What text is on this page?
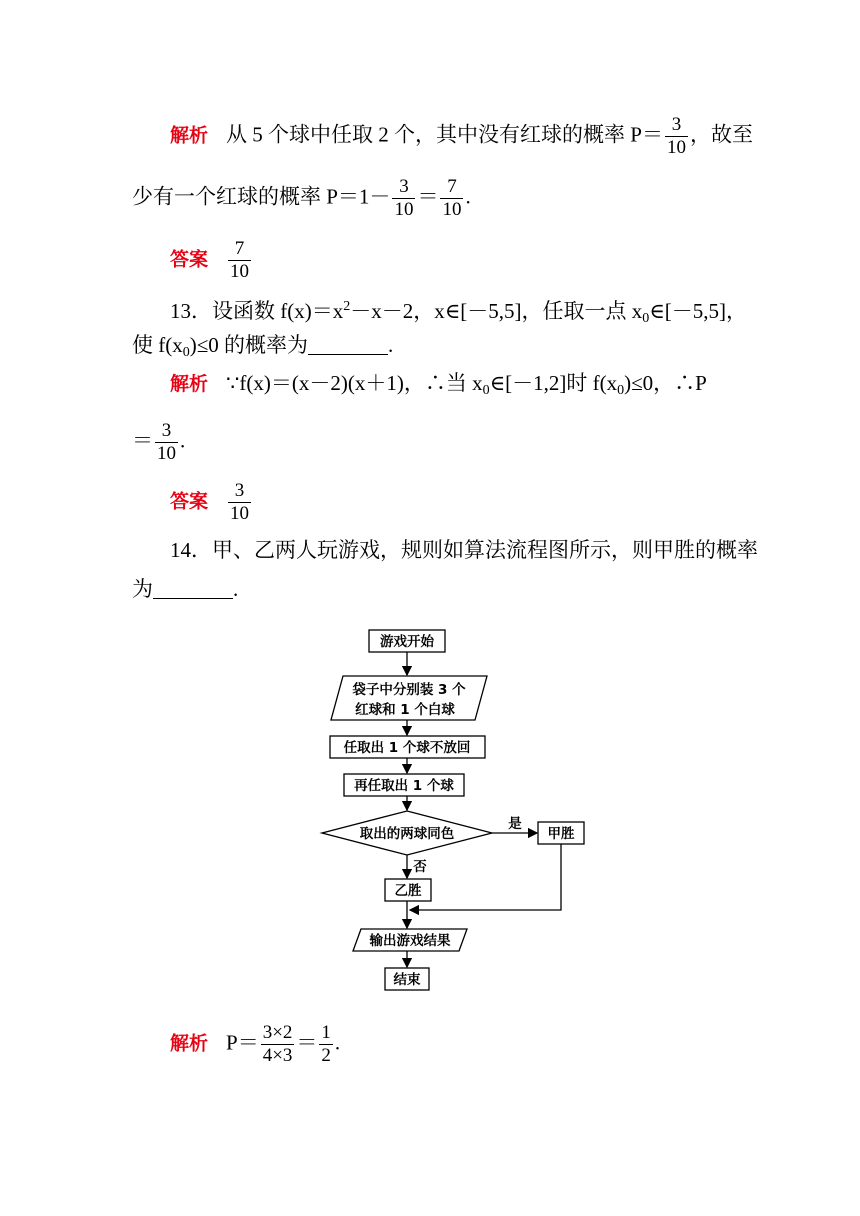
解析 从 5 个球中任取 2 个，其中没有红球的概率 $P= \frac{3}{10}$ ，故至
少有一个红球的概率 $P=1- \frac{3}{10} = \frac{7}{10}$ .
答案 $\frac{7}{10}$
13．设函数 $f(x)=x^2-x-2$，x∈[－5,5]，任取一点 $x_0\in[-5,5]$，
使 $f(x_0)\le 0$ 的概率为	.
解析 ∵f(x)＝(x－2)(x＋1)，∴当 $x_0\in[-1,2]$时 $f(x_0)\le 0$，∴P
＝ $\frac{3}{10}$ .
答案 $\frac{3}{10}$
14．甲、乙两人玩游戏，规则如算法流程图所示，则甲胜的概率
为	.
游戏开始
袋子中分别装 3 个
红球和 1 个白球
任取出 1 个球不放回
再任取出 1 个球
取出的两球同色
是
否
甲胜
乙胜
输出游戏结果
结束
解析 $P= \frac{3\times 2}{4\times 3} = \frac{1}{2}$ .
